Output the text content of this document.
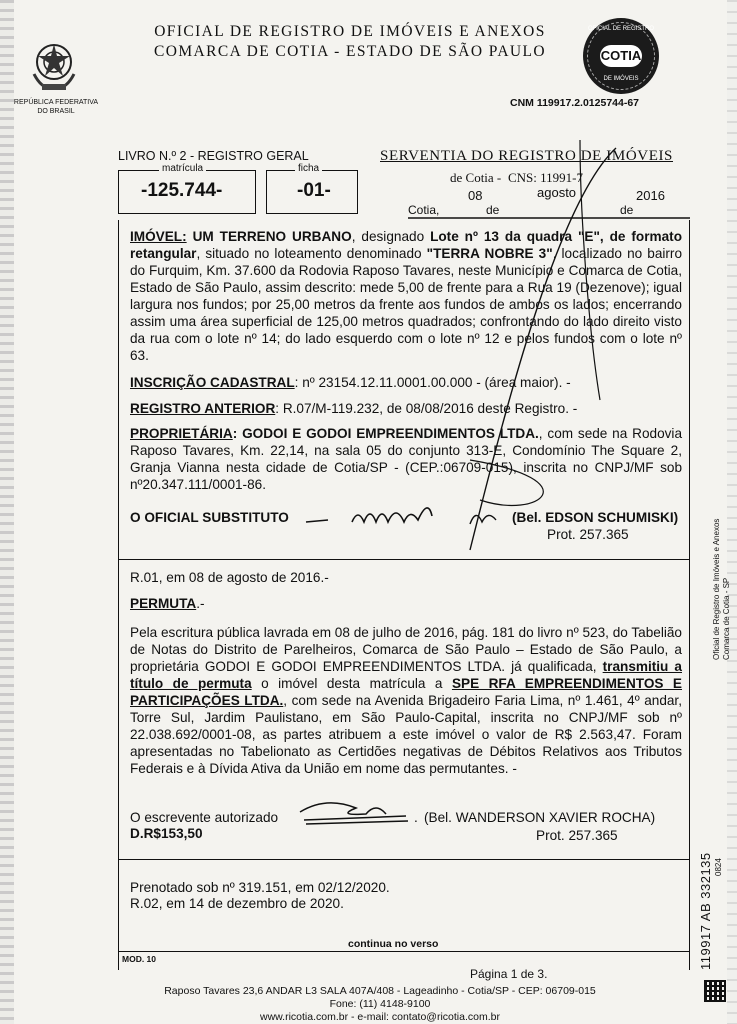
REPÚBLICA FEDERATIVA
DO BRASIL
OFICIAL DE REGISTRO DE IMÓVEIS E ANEXOS
COMARCA DE COTIA - ESTADO DE SÃO PAULO
OFICIAL DE REGISTRO
COTIA
DE IMÓVEIS
CNM 119917.2.0125744-67
LIVRO N.º 2 - REGISTRO GERAL
matrícula
-125.744-
ficha
-01-
SERVENTIA DO REGISTRO DE IMÓVEIS
de Cotia - CNS: 11991-7
08	agosto	2016
Cotia,	de	de
IMÓVEL: UM TERRENO URBANO, designado Lote nº 13 da quadra "E", de formato retangular, situado no loteamento denominado "TERRA NOBRE 3", localizado no bairro do Furquim, Km. 37.600 da Rodovia Raposo Tavares, neste Município e Comarca de Cotia, Estado de São Paulo, assim descrito: mede 5,00 de frente para a Rua 19 (Dezenove); igual largura nos fundos; por 25,00 metros da frente aos fundos de ambos os lados; encerrando assim uma área superficial de 125,00 metros quadrados; confrontando do lado direito visto da rua com o lote nº 14; do lado esquerdo com o lote nº 12 e pelos fundos com o lote nº 63.
INSCRIÇÃO CADASTRAL: nº 23154.12.11.0001.00.000 - (área maior). -
REGISTRO ANTERIOR: R.07/M-119.232, de 08/08/2016 deste Registro. -
PROPRIETÁRIA: GODOI E GODOI EMPREENDIMENTOS LTDA., com sede na Rodovia Raposo Tavares, Km. 22,14, na sala 05 do conjunto 313-E, Condomínio The Square 2, Granja Vianna nesta cidade de Cotia/SP - (CEP.:06709-015), inscrita no CNPJ/MF sob nº20.347.111/0001-86.
O OFICIAL SUBSTITUTO	(Bel. EDSON SCHUMISKI)
Prot. 257.365
R.01, em 08 de agosto de 2016.-
PERMUTA.-
Pela escritura pública lavrada em 08 de julho de 2016, pág. 181 do livro nº 523, do Tabelião de Notas do Distrito de Parelheiros, Comarca de São Paulo – Estado de São Paulo, a proprietária GODOI E GODOI EMPREENDIMENTOS LTDA. já qualificada, transmitiu a título de permuta o imóvel desta matrícula a SPE RFA EMPREENDIMENTOS E PARTICIPAÇÕES LTDA., com sede na Avenida Brigadeiro Faria Lima, nº 1.461, 4º andar, Torre Sul, Jardim Paulistano, em São Paulo-Capital, inscrita no CNPJ/MF sob nº 22.038.692/0001-08, as partes atribuem a este imóvel o valor de R$ 2.563,47. Foram apresentadas no Tabelionato as Certidões negativas de Débitos Relativos aos Tributos Federais e à Dívida Ativa da União em nome das permutantes. -
O escrevente autorizado	. (Bel. WANDERSON XAVIER ROCHA)
D.R$153,50	Prot. 257.365
Prenotado sob nº 319.151, em 02/12/2020.
R.02, em 14 de dezembro de 2020.
continua no verso
MOD. 10
Página 1 de 3.
Raposo Tavares 23,6 ANDAR L3 SALA 407A/408 - Lageadinho - Cotia/SP - CEP: 06709-015
Fone: (11) 4148-9100
www.ricotia.com.br - e-mail: contato@ricotia.com.br
Oficial de Registro de Imóveis e Anexos Comarca de Cotia - SP
119917 AB 332135 0824
